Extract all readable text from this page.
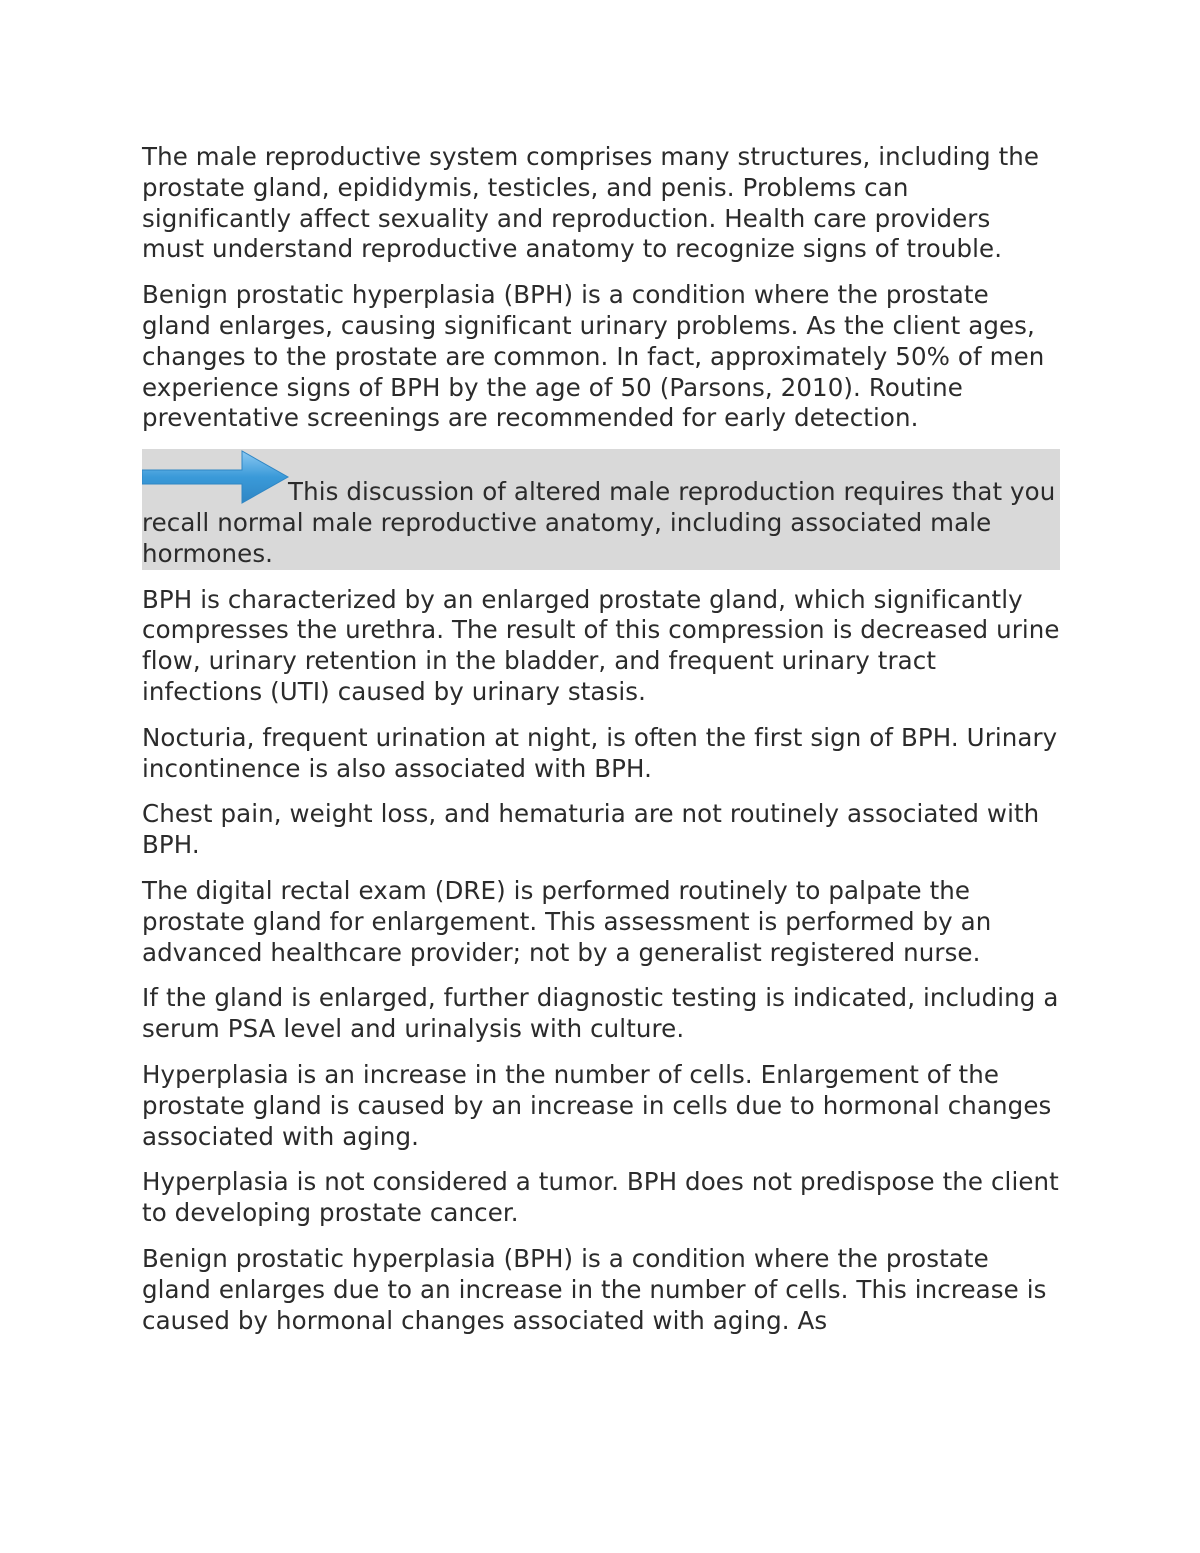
The male reproductive system comprises many structures, including the prostate gland, epididymis, testicles, and penis. Problems can significantly affect sexuality and reproduction. Health care providers must understand reproductive anatomy to recognize signs of trouble.

Benign prostatic hyperplasia (BPH) is a condition where the prostate gland enlarges, causing significant urinary problems. As the client ages, changes to the prostate are common. In fact, approximately 50% of men experience signs of BPH by the age of 50 (Parsons, 2010). Routine preventative screenings are recommended for early detection.

This discussion of altered male reproduction requires that you recall normal male reproductive anatomy, including associated male hormones.

BPH is characterized by an enlarged prostate gland, which significantly compresses the urethra. The result of this compression is decreased urine flow, urinary retention in the bladder, and frequent urinary tract infections (UTI) caused by urinary stasis.

Nocturia, frequent urination at night, is often the first sign of BPH. Urinary incontinence is also associated with BPH.

Chest pain, weight loss, and hematuria are not routinely associated with BPH.

The digital rectal exam (DRE) is performed routinely to palpate the prostate gland for enlargement. This assessment is performed by an advanced healthcare provider; not by a generalist registered nurse.

If the gland is enlarged, further diagnostic testing is indicated, including a serum PSA level and urinalysis with culture.

Hyperplasia is an increase in the number of cells. Enlargement of the prostate gland is caused by an increase in cells due to hormonal changes associated with aging.

Hyperplasia is not considered a tumor. BPH does not predispose the client to developing prostate cancer.

Benign prostatic hyperplasia (BPH) is a condition where the prostate gland enlarges due to an increase in the number of cells. This increase is caused by hormonal changes associated with aging. As
